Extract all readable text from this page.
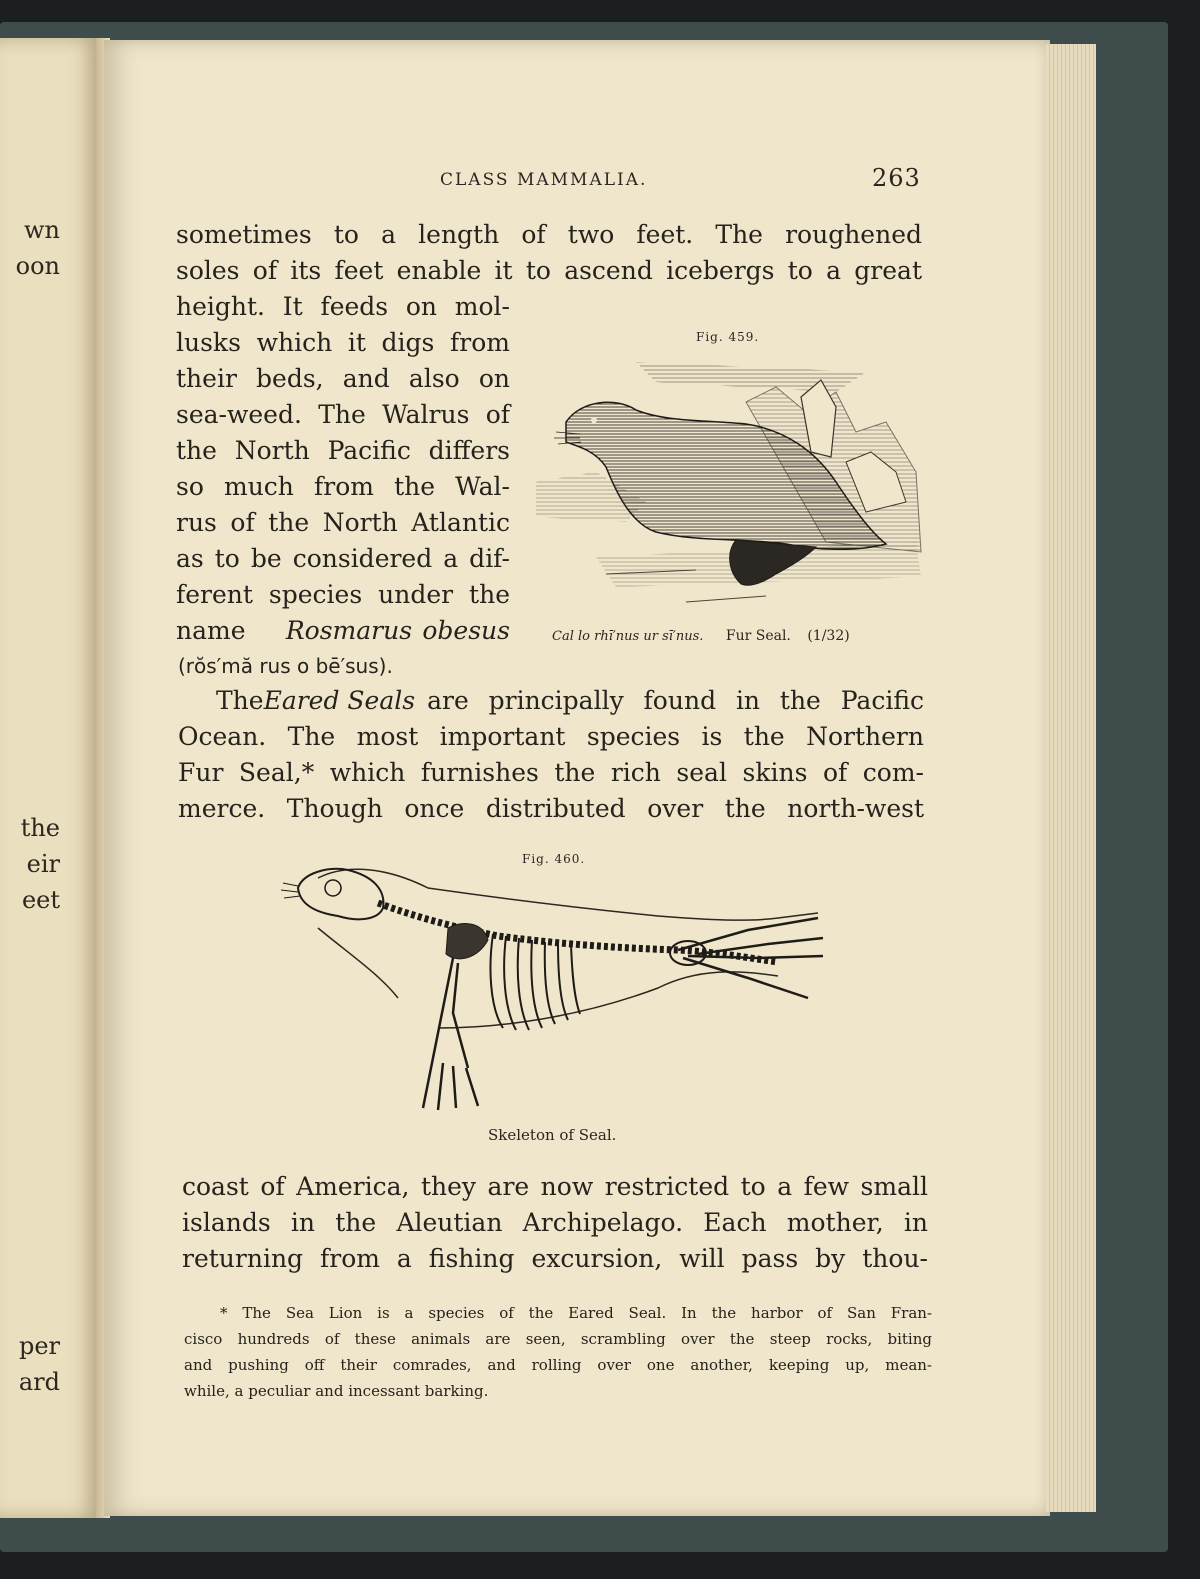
wn
oon
the
eir
eet
per
ard
CLASS MAMMALIA.	263
sometimes to a length of two feet. The roughened
soles of its feet enable it to ascend icebergs to a great
height. It feeds on mol-
lusks which it digs from
their beds, and also on
sea-weed. The Walrus of
the North Pacific differs
so much from the Wal-
rus of the North Atlantic
as to be considered a dif-
ferent species under the
name Rosmarus obesus
(rŏs′mă rus o bē′sus).
Fig. 459.
Cal lo rhī′nus ur sī′nus. Fur Seal. (1/32)
The Eared Seals are principally found in the Pacific
Ocean. The most important species is the Northern
Fur Seal,* which furnishes the rich seal skins of com-
merce. Though once distributed over the north-west
Fig. 460.
Skeleton of Seal.
coast of America, they are now restricted to a few small
islands in the Aleutian Archipelago. Each mother, in
returning from a fishing excursion, will pass by thou-
* The Sea Lion is a species of the Eared Seal. In the harbor of San Fran-
cisco hundreds of these animals are seen, scrambling over the steep rocks, biting
and pushing off their comrades, and rolling over one another, keeping up, mean-
while, a peculiar and incessant barking.
